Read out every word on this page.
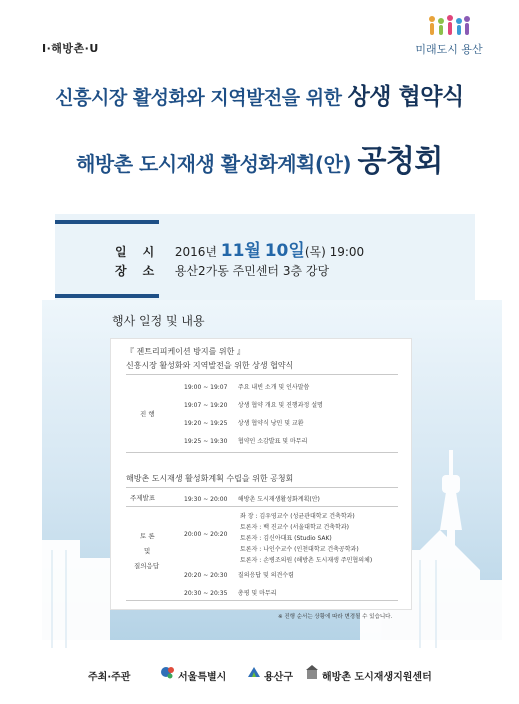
I·해방촌·U	미래도시 용산
신흥시장 활성화와 지역발전을 위한 상생 협약식
해방촌 도시재생 활성화계획(안) 공청회
일시 2016년 11월 10일(목) 19:00
장소 용산2가동 주민센터 3층 강당
행사 일정 및 내용
『 젠트리피케이션 방지를 위한 』
신흥시장 활성화와 지역발전을 위한 상생 협약식
진 행
19:00 ~ 19:07 주요 내빈 소개 및 인사말씀
19:07 ~ 19:20 상생 협약 개요 및 진행과정 설명
19:20 ~ 19:25 상생 협약식 낭민 및 교환
19:25 ~ 19:30 협약인 소감발표 및 마무리
해방촌 도시재생 활성화계획 수립을 위한 공청회
주제발표	19:30 ~ 20:00 해방촌 도시재생활성화계획(안)
토 론
및
질의응답
20:00 ~ 20:20
좌 장 : 김우영교수 (성균관대학교 건축학과)
토론자 : 백 진교수 (서울대학교 건축학과)
토론자 : 김신아대표 (Studio SAK)
토론자 : 나인수교수 (인천대학교 건축공학과)
토론자 : 손병조의원 (해방촌 도시재생 주민협의체)
20:20 ~ 20:30 질의응답 및 의견수렴
20:30 ~ 20:35 총평 및 마무리
※ 진행 순서는 상황에 따라 변경될 수 있습니다.
주최·주관	서울특별시	용산구	해방촌 도시재생지원센터
